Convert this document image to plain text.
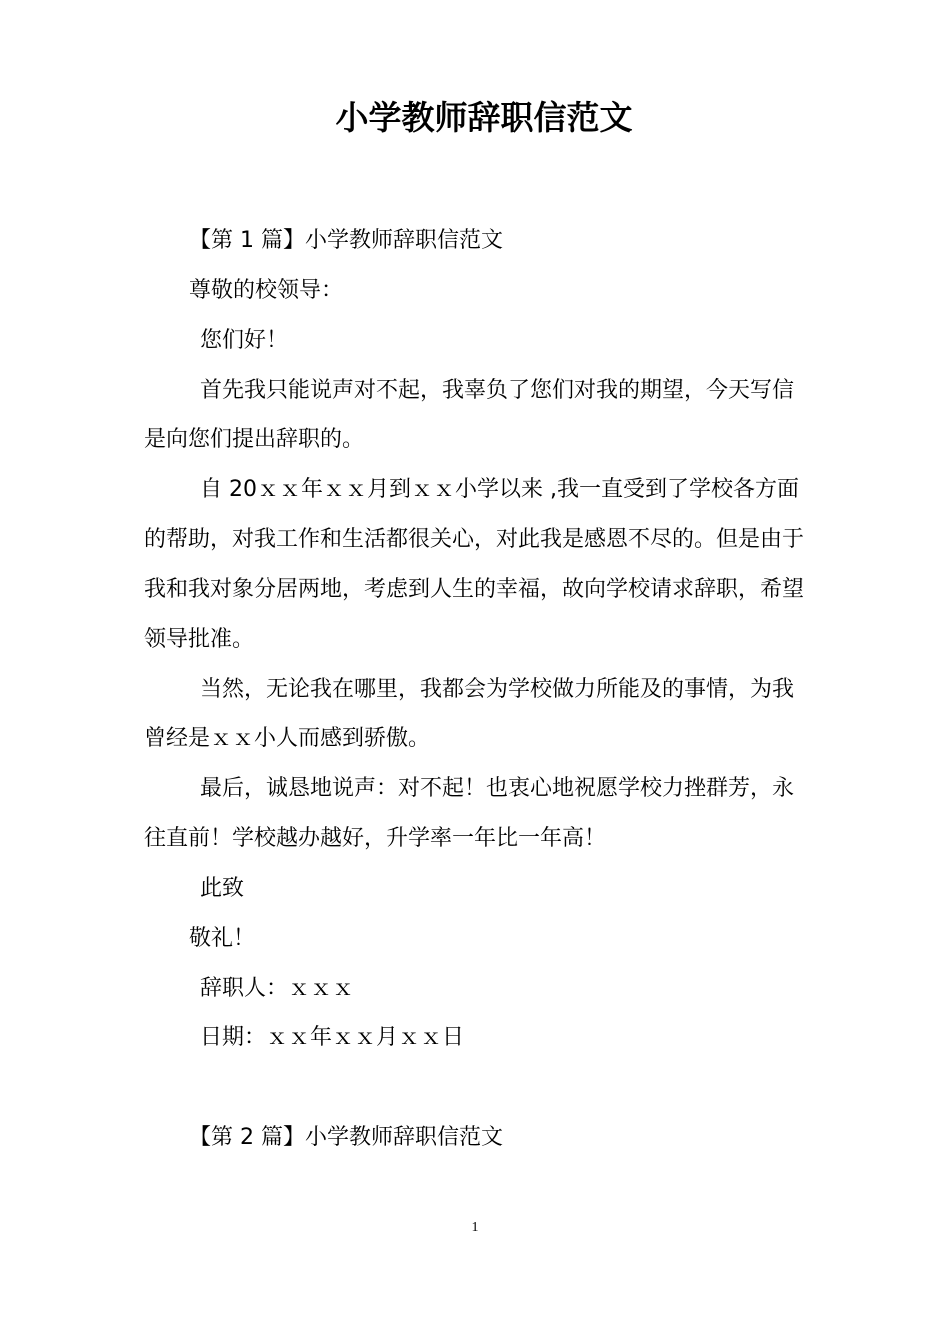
小学教师辞职信范文
【第 1 篇】小学教师辞职信范文
尊敬的校领导：
您们好！
首先我只能说声对不起，我辜负了您们对我的期望，今天写信
是向您们提出辞职的。
自 20ｘｘ年ｘｘ月到ｘｘ小学以来 ,我一直受到了学校各方面
的帮助，对我工作和生活都很关心，对此我是感恩不尽的。但是由于
我和我对象分居两地，考虑到人生的幸福，故向学校请求辞职，希望
领导批准。
当然，无论我在哪里，我都会为学校做力所能及的事情，为我
曾经是ｘｘ小人而感到骄傲。
最后，诚恳地说声：对不起！也衷心地祝愿学校力挫群芳，永
往直前！学校越办越好，升学率一年比一年高！
此致
敬礼！
辞职人：ｘｘｘ
日期：ｘｘ年ｘｘ月ｘｘ日
【第 2 篇】小学教师辞职信范文
1
